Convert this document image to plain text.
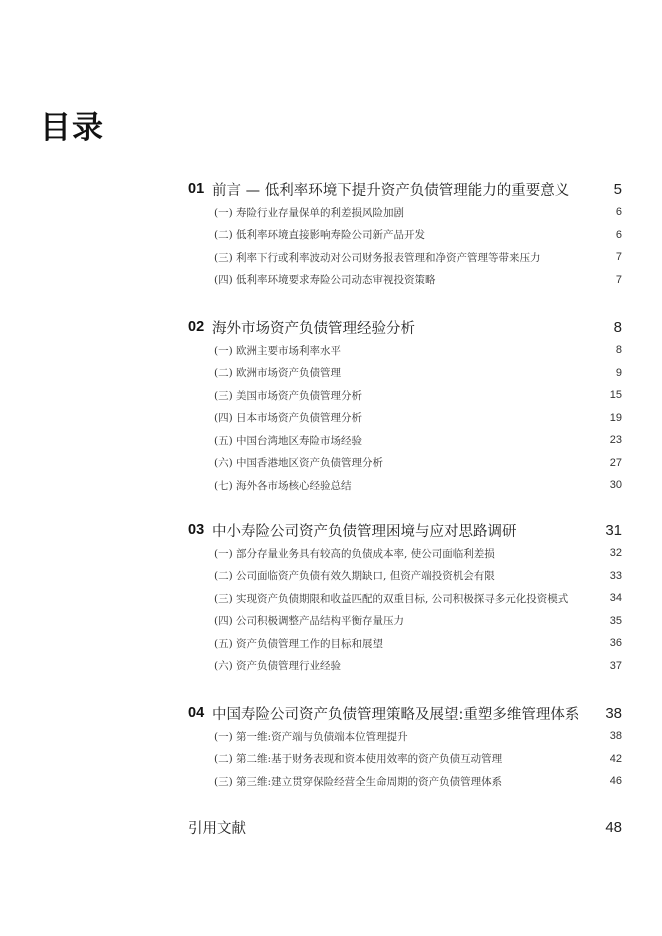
目录
01 前言 — 低利率环境下提升资产负债管理能力的重要意义	5
(一) 寿险行业存量保单的利差损风险加剧	6
(二) 低利率环境直接影响寿险公司新产品开发	6
(三) 利率下行或利率波动对公司财务报表管理和净资产管理等带来压力	7
(四) 低利率环境要求寿险公司动态审视投资策略	7
02 海外市场资产负债管理经验分析	8
(一) 欧洲主要市场利率水平	8
(二) 欧洲市场资产负债管理	9
(三) 美国市场资产负债管理分析	15
(四) 日本市场资产负债管理分析	19
(五) 中国台湾地区寿险市场经验	23
(六) 中国香港地区资产负债管理分析	27
(七) 海外各市场核心经验总结	30
03 中小寿险公司资产负债管理困境与应对思路调研	31
(一) 部分存量业务具有较高的负债成本率, 使公司面临利差损	32
(二) 公司面临资产负债有效久期缺口, 但资产端投资机会有限	33
(三) 实现资产负债期限和收益匹配的双重目标, 公司积极探寻多元化投资模式	34
(四) 公司积极调整产品结构平衡存量压力	35
(五) 资产负债管理工作的目标和展望	36
(六) 资产负债管理行业经验	37
04 中国寿险公司资产负债管理策略及展望:重塑多维管理体系	38
(一) 第一维:资产端与负债端本位管理提升	38
(二) 第二维:基于财务表现和资本使用效率的资产负债互动管理	42
(三) 第三维:建立贯穿保险经营全生命周期的资产负债管理体系	46
引用文献	48
